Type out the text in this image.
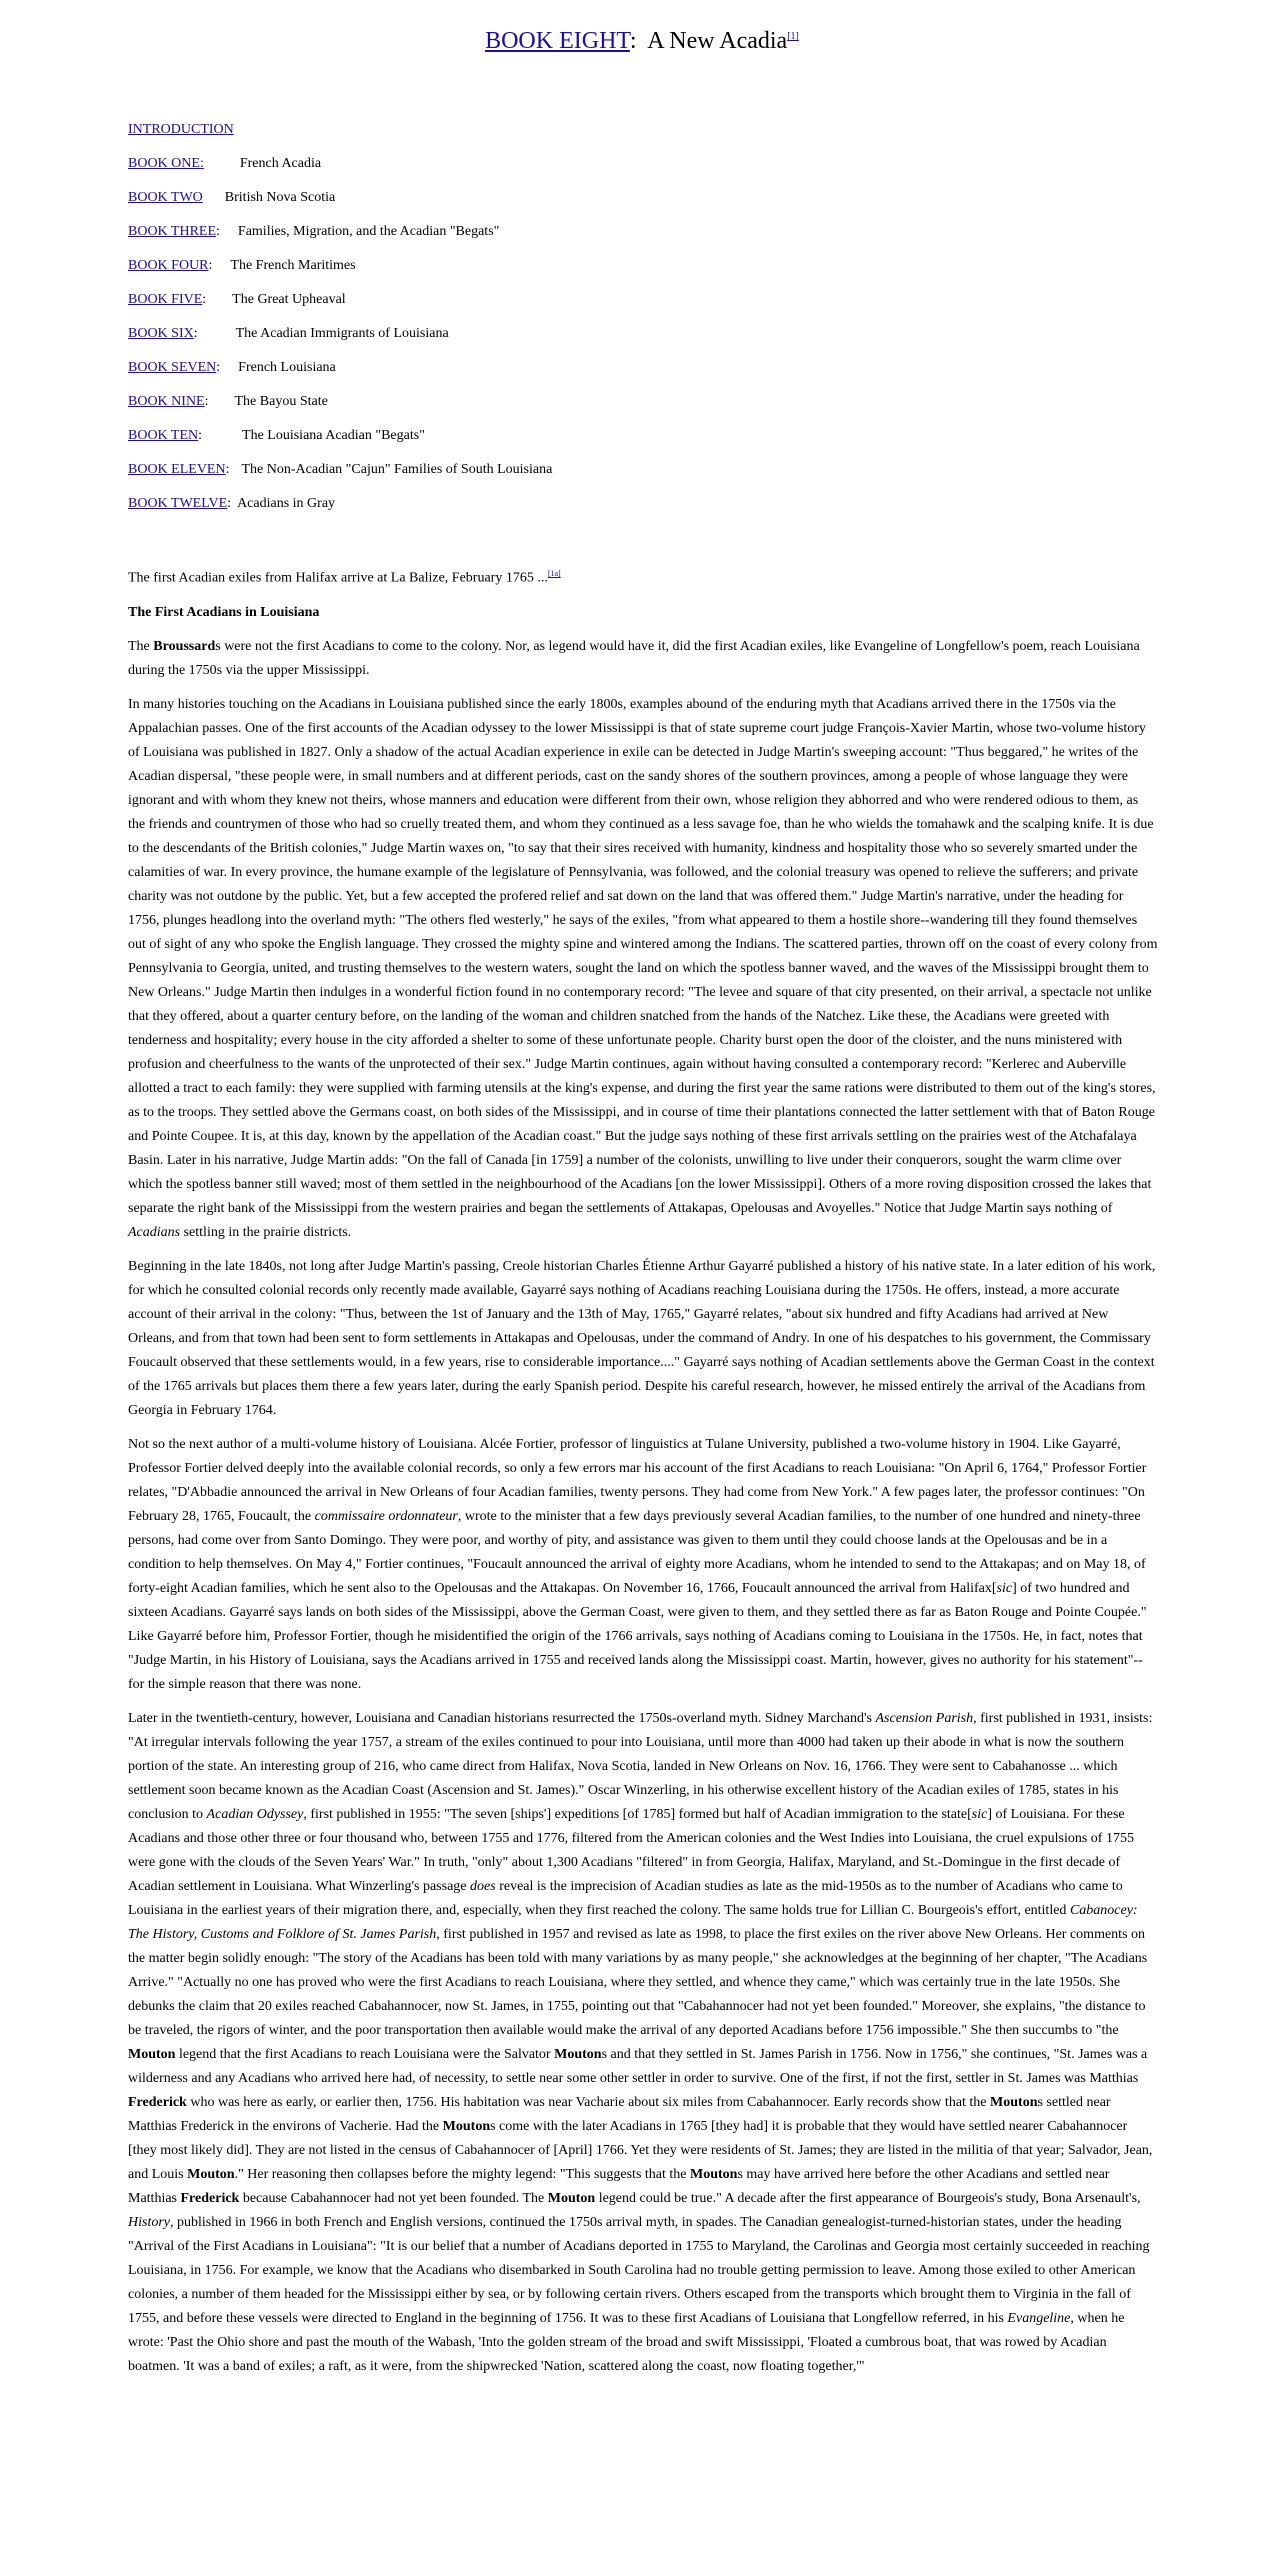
BOOK EIGHT: A New Acadia[1]
INTRODUCTION
BOOK ONE:	French Acadia
BOOK TWO British Nova Scotia
BOOK THREE: Families, Migration, and the Acadian "Begats"
BOOK FOUR: The French Maritimes
BOOK FIVE: The Great Upheaval
BOOK SIX:	The Acadian Immigrants of Louisiana
BOOK SEVEN: French Louisiana
BOOK NINE: The Bayou State
BOOK TEN:	The Louisiana Acadian "Begats"
BOOK ELEVEN: The Non-Acadian "Cajun" Families of South Louisiana
BOOK TWELVE: Acadians in Gray

The first Acadian exiles from Halifax arrive at La Balize, February 1765 ...[1a]

The First Acadians in Louisiana

The Broussards were not the first Acadians to come to the colony. Nor, as legend would have it, did the first Acadian exiles, like Evangeline of Longfellow's poem, reach Louisiana during the 1750s via the upper Mississippi.

In many histories touching on the Acadians in Louisiana published since the early 1800s, examples abound of the enduring myth that Acadians arrived there in the 1750s via the Appalachian passes. One of the first accounts of the Acadian odyssey to the lower Mississippi is that of state supreme court judge François-Xavier Martin, whose two-volume history of Louisiana was published in 1827. Only a shadow of the actual Acadian experience in exile can be detected in Judge Martin's sweeping account: "Thus beggared," he writes of the Acadian dispersal, "these people were, in small numbers and at different periods, cast on the sandy shores of the southern provinces, among a people of whose language they were ignorant and with whom they knew not theirs, whose manners and education were different from their own, whose religion they abhorred and who were rendered odious to them, as the friends and countrymen of those who had so cruelly treated them, and whom they continued as a less savage foe, than he who wields the tomahawk and the scalping knife. It is due to the descendants of the British colonies," Judge Martin waxes on, "to say that their sires received with humanity, kindness and hospitality those who so severely smarted under the calamities of war. In every province, the humane example of the legislature of Pennsylvania, was followed, and the colonial treasury was opened to relieve the sufferers; and private charity was not outdone by the public. Yet, but a few accepted the profered relief and sat down on the land that was offered them." Judge Martin's narrative, under the heading for 1756, plunges headlong into the overland myth: "The others fled westerly," he says of the exiles, "from what appeared to them a hostile shore--wandering till they found themselves out of sight of any who spoke the English language. They crossed the mighty spine and wintered among the Indians. The scattered parties, thrown off on the coast of every colony from Pennsylvania to Georgia, united, and trusting themselves to the western waters, sought the land on which the spotless banner waved, and the waves of the Mississippi brought them to New Orleans." Judge Martin then indulges in a wonderful fiction found in no contemporary record: "The levee and square of that city presented, on their arrival, a spectacle not unlike that they offered, about a quarter century before, on the landing of the woman and children snatched from the hands of the Natchez. Like these, the Acadians were greeted with tenderness and hospitality; every house in the city afforded a shelter to some of these unfortunate people. Charity burst open the door of the cloister, and the nuns ministered with profusion and cheerfulness to the wants of the unprotected of their sex." Judge Martin continues, again without having consulted a contemporary record: "Kerlerec and Auberville allotted a tract to each family: they were supplied with farming utensils at the king's expense, and during the first year the same rations were distributed to them out of the king's stores, as to the troops. They settled above the Germans coast, on both sides of the Mississippi, and in course of time their plantations connected the latter settlement with that of Baton Rouge and Pointe Coupee. It is, at this day, known by the appellation of the Acadian coast." But the judge says nothing of these first arrivals settling on the prairies west of the Atchafalaya Basin. Later in his narrative, Judge Martin adds: "On the fall of Canada [in 1759] a number of the colonists, unwilling to live under their conquerors, sought the warm clime over which the spotless banner still waved; most of them settled in the neighbourhood of the Acadians [on the lower Mississippi]. Others of a more roving disposition crossed the lakes that separate the right bank of the Mississippi from the western prairies and began the settlements of Attakapas, Opelousas and Avoyelles." Notice that Judge Martin says nothing of Acadians settling in the prairie districts.

Beginning in the late 1840s, not long after Judge Martin's passing, Creole historian Charles Étienne Arthur Gayarré published a history of his native state. In a later edition of his work, for which he consulted colonial records only recently made available, Gayarré says nothing of Acadians reaching Louisiana during the 1750s. He offers, instead, a more accurate account of their arrival in the colony: "Thus, between the 1st of January and the 13th of May, 1765," Gayarré relates, "about six hundred and fifty Acadians had arrived at New Orleans, and from that town had been sent to form settlements in Attakapas and Opelousas, under the command of Andry. In one of his despatches to his government, the Commissary Foucault observed that these settlements would, in a few years, rise to considerable importance...." Gayarré says nothing of Acadian settlements above the German Coast in the context of the 1765 arrivals but places them there a few years later, during the early Spanish period. Despite his careful research, however, he missed entirely the arrival of the Acadians from Georgia in February 1764.

Not so the next author of a multi-volume history of Louisiana. Alcée Fortier, professor of linguistics at Tulane University, published a two-volume history in 1904. Like Gayarré, Professor Fortier delved deeply into the available colonial records, so only a few errors mar his account of the first Acadians to reach Louisiana: "On April 6, 1764," Professor Fortier relates, "D'Abbadie announced the arrival in New Orleans of four Acadian families, twenty persons. They had come from New York." A few pages later, the professor continues: "On February 28, 1765, Foucault, the commissaire ordonnateur, wrote to the minister that a few days previously several Acadian families, to the number of one hundred and ninety-three persons, had come over from Santo Domingo. They were poor, and worthy of pity, and assistance was given to them until they could choose lands at the Opelousas and be in a condition to help themselves. On May 4," Fortier continues, "Foucault announced the arrival of eighty more Acadians, whom he intended to send to the Attakapas; and on May 18, of forty-eight Acadian families, which he sent also to the Opelousas and the Attakapas. On November 16, 1766, Foucault announced the arrival from Halifax[sic] of two hundred and sixteen Acadians. Gayarré says lands on both sides of the Mississippi, above the German Coast, were given to them, and they settled there as far as Baton Rouge and Pointe Coupée." Like Gayarré before him, Professor Fortier, though he misidentified the origin of the 1766 arrivals, says nothing of Acadians coming to Louisiana in the 1750s. He, in fact, notes that "Judge Martin, in his History of Louisiana, says the Acadians arrived in 1755 and received lands along the Mississippi coast. Martin, however, gives no authority for his statement"--for the simple reason that there was none.

Later in the twentieth-century, however, Louisiana and Canadian historians resurrected the 1750s-overland myth. Sidney Marchand's Ascension Parish, first published in 1931, insists: "At irregular intervals following the year 1757, a stream of the exiles continued to pour into Louisiana, until more than 4000 had taken up their abode in what is now the southern portion of the state. An interesting group of 216, who came direct from Halifax, Nova Scotia, landed in New Orleans on Nov. 16, 1766. They were sent to Cabahanosse ... which settlement soon became known as the Acadian Coast (Ascension and St. James)." Oscar Winzerling, in his otherwise excellent history of the Acadian exiles of 1785, states in his conclusion to Acadian Odyssey, first published in 1955: "The seven [ships'] expeditions [of 1785] formed but half of Acadian immigration to the state[sic] of Louisiana. For these Acadians and those other three or four thousand who, between 1755 and 1776, filtered from the American colonies and the West Indies into Louisiana, the cruel expulsions of 1755 were gone with the clouds of the Seven Years' War." In truth, "only" about 1,300 Acadians "filtered" in from Georgia, Halifax, Maryland, and St.-Domingue in the first decade of Acadian settlement in Louisiana. What Winzerling's passage does reveal is the imprecision of Acadian studies as late as the mid-1950s as to the number of Acadians who came to Louisiana in the earliest years of their migration there, and, especially, when they first reached the colony. The same holds true for Lillian C. Bourgeois's effort, entitled Cabanocey: The History, Customs and Folklore of St. James Parish, first published in 1957 and revised as late as 1998, to place the first exiles on the river above New Orleans. Her comments on the matter begin solidly enough: "The story of the Acadians has been told with many variations by as many people," she acknowledges at the beginning of her chapter, "The Acadians Arrive." "Actually no one has proved who were the first Acadians to reach Louisiana, where they settled, and whence they came," which was certainly true in the late 1950s. She debunks the claim that 20 exiles reached Cabahannocer, now St. James, in 1755, pointing out that "Cabahannocer had not yet been founded." Moreover, she explains, "the distance to be traveled, the rigors of winter, and the poor transportation then available would make the arrival of any deported Acadians before 1756 impossible." She then succumbs to "the Mouton legend that the first Acadians to reach Louisiana were the Salvator Moutons and that they settled in St. James Parish in 1756. Now in 1756," she continues, "St. James was a wilderness and any Acadians who arrived here had, of necessity, to settle near some other settler in order to survive. One of the first, if not the first, settler in St. James was Matthias Frederick who was here as early, or earlier then, 1756. His habitation was near Vacharie about six miles from Cabahannocer. Early records show that the Moutons settled near Matthias Frederick in the environs of Vacherie. Had the Moutons come with the later Acadians in 1765 [they had] it is probable that they would have settled nearer Cabahannocer [they most likely did]. They are not listed in the census of Cabahannocer of [April] 1766. Yet they were residents of St. James; they are listed in the militia of that year; Salvador, Jean, and Louis Mouton." Her reasoning then collapses before the mighty legend: "This suggests that the Moutons may have arrived here before the other Acadians and settled near Matthias Frederick because Cabahannocer had not yet been founded. The Mouton legend could be true." A decade after the first appearance of Bourgeois's study, Bona Arsenault's, History, published in 1966 in both French and English versions, continued the 1750s arrival myth, in spades. The Canadian genealogist-turned-historian states, under the heading "Arrival of the First Acadians in Louisiana": "It is our belief that a number of Acadians deported in 1755 to Maryland, the Carolinas and Georgia most certainly succeeded in reaching Louisiana, in 1756. For example, we know that the Acadians who disembarked in South Carolina had no trouble getting permission to leave. Among those exiled to other American colonies, a number of them headed for the Mississippi either by sea, or by following certain rivers. Others escaped from the transports which brought them to Virginia in the fall of 1755, and before these vessels were directed to England in the beginning of 1756. It was to these first Acadians of Louisiana that Longfellow referred, in his Evangeline, when he wrote: 'Past the Ohio shore and past the mouth of the Wabash, 'Into the golden stream of the broad and swift Mississippi, 'Floated a cumbrous boat, that was rowed by Acadian boatmen. 'It was a band of exiles; a raft, as it were, from the shipwrecked 'Nation, scattered along the coast, now floating together,'"
